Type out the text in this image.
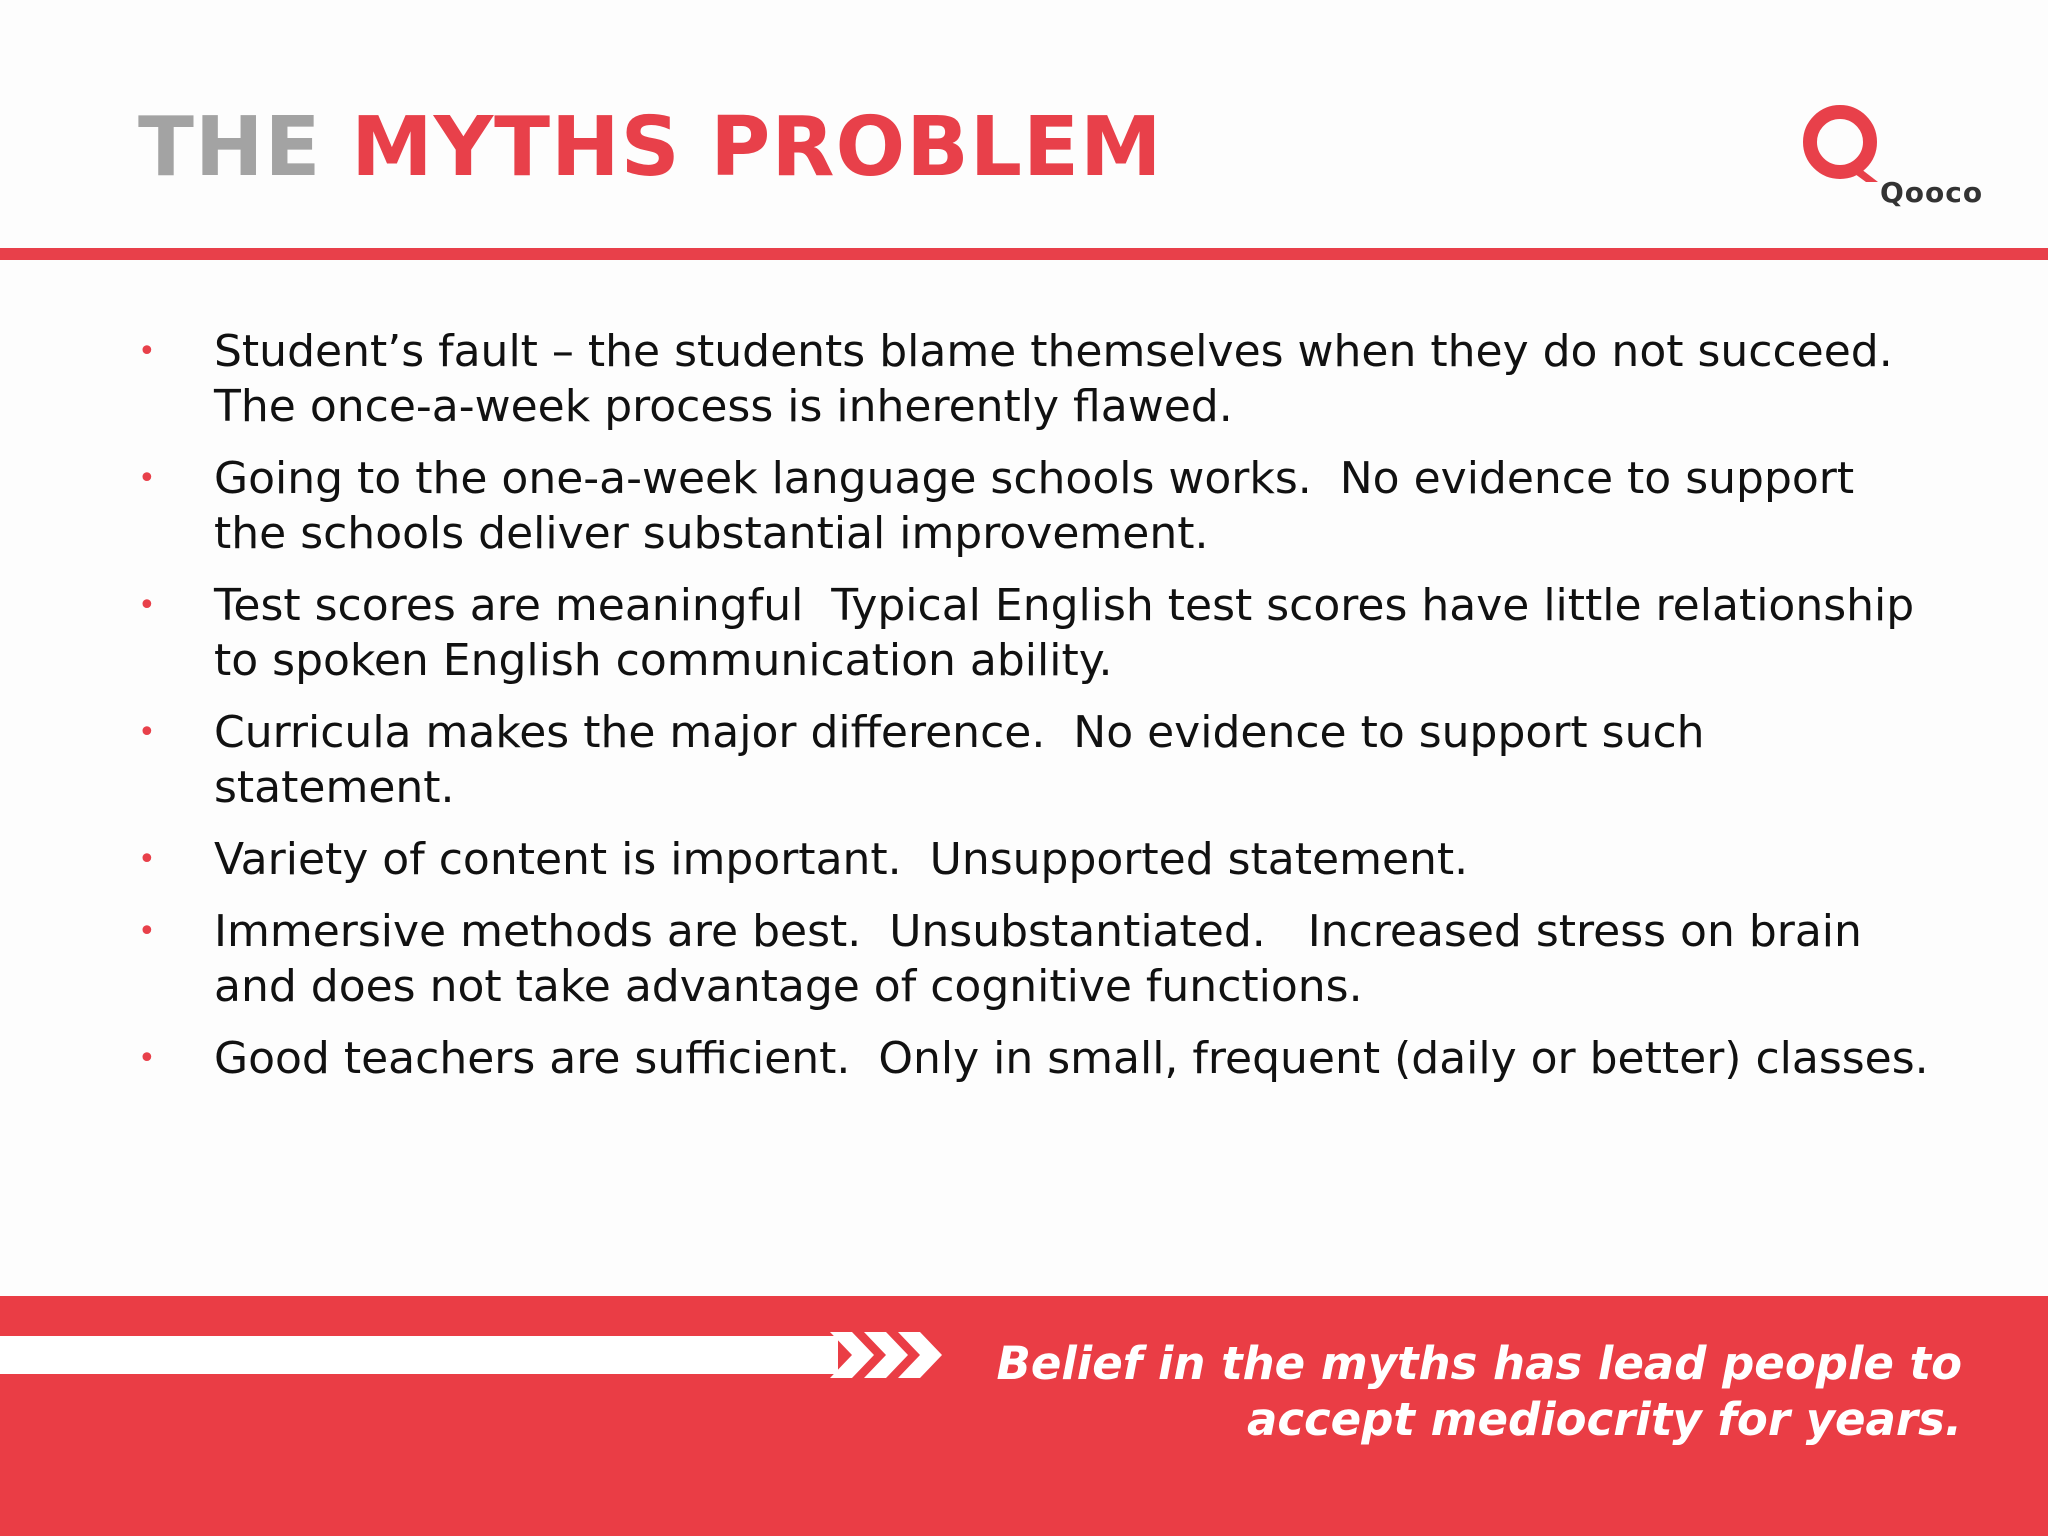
THE MYTHS PROBLEM	Qooco
• Student’s fault – the students blame themselves when they do not succeed.  The once-a-week process is inherently flawed.
• Going to the one-a-week language schools works.  No evidence to support the schools deliver substantial improvement.
• Test scores are meaningful  Typical English test scores have little relationship to spoken English communication ability.
• Curricula makes the major difference.  No evidence to support such statement.
• Variety of content is important.  Unsupported statement.
• Immersive methods are best.  Unsubstantiated.   Increased stress on brain and does not take advantage of cognitive functions.
• Good teachers are sufficient.  Only in small, frequent (daily or better) classes.

Belief in the myths has lead people to
accept mediocrity for years.
